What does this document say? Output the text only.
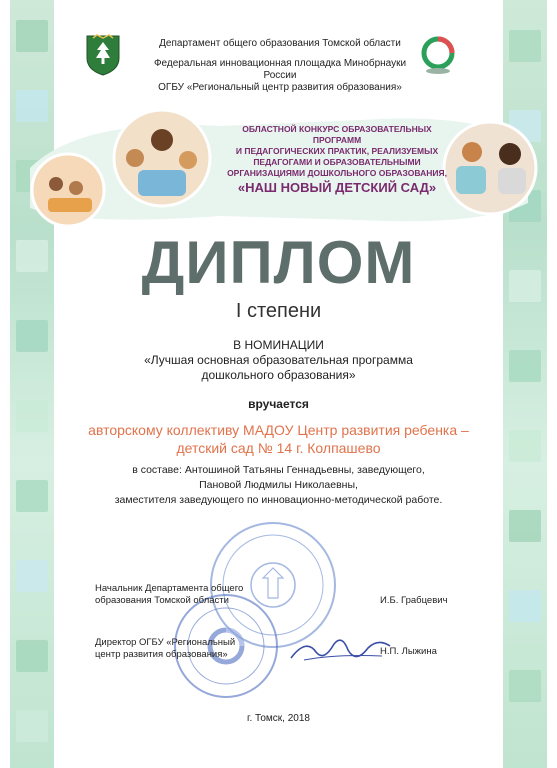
Департамент общего образования Томской области
Федеральная инновационная площадка Минобрнауки России
ОГБУ «Региональный центр развития образования»
ОБЛАСТНОЙ КОНКУРС ОБРАЗОВАТЕЛЬНЫХ ПРОГРАММ
И ПЕДАГОГИЧЕСКИХ ПРАКТИК, РЕАЛИЗУЕМЫХ
ПЕДАГОГАМИ И ОБРАЗОВАТЕЛЬНЫМИ
ОРГАНИЗАЦИЯМИ ДОШКОЛЬНОГО ОБРАЗОВАНИЯ,
«НАШ НОВЫЙ ДЕТСКИЙ САД»
ДИПЛОМ
I степени
В НОМИНАЦИИ
«Лучшая основная образовательная программа
дошкольного образования»
вручается
авторскому коллективу МАДОУ Центр развития ребенка –
детский сад № 14 г. Колпашево
в составе: Антошиной Татьяны Геннадьевны, заведующего,
Пановой Людмилы Николаевны,
заместителя заведующего по инновационно-методической работе.
Начальник Департамента общего
образования Томской области	И.Б. Грабцевич
Директор ОГБУ «Региональный
центр развития образования»	Н.П. Лыжина
г. Томск, 2018
